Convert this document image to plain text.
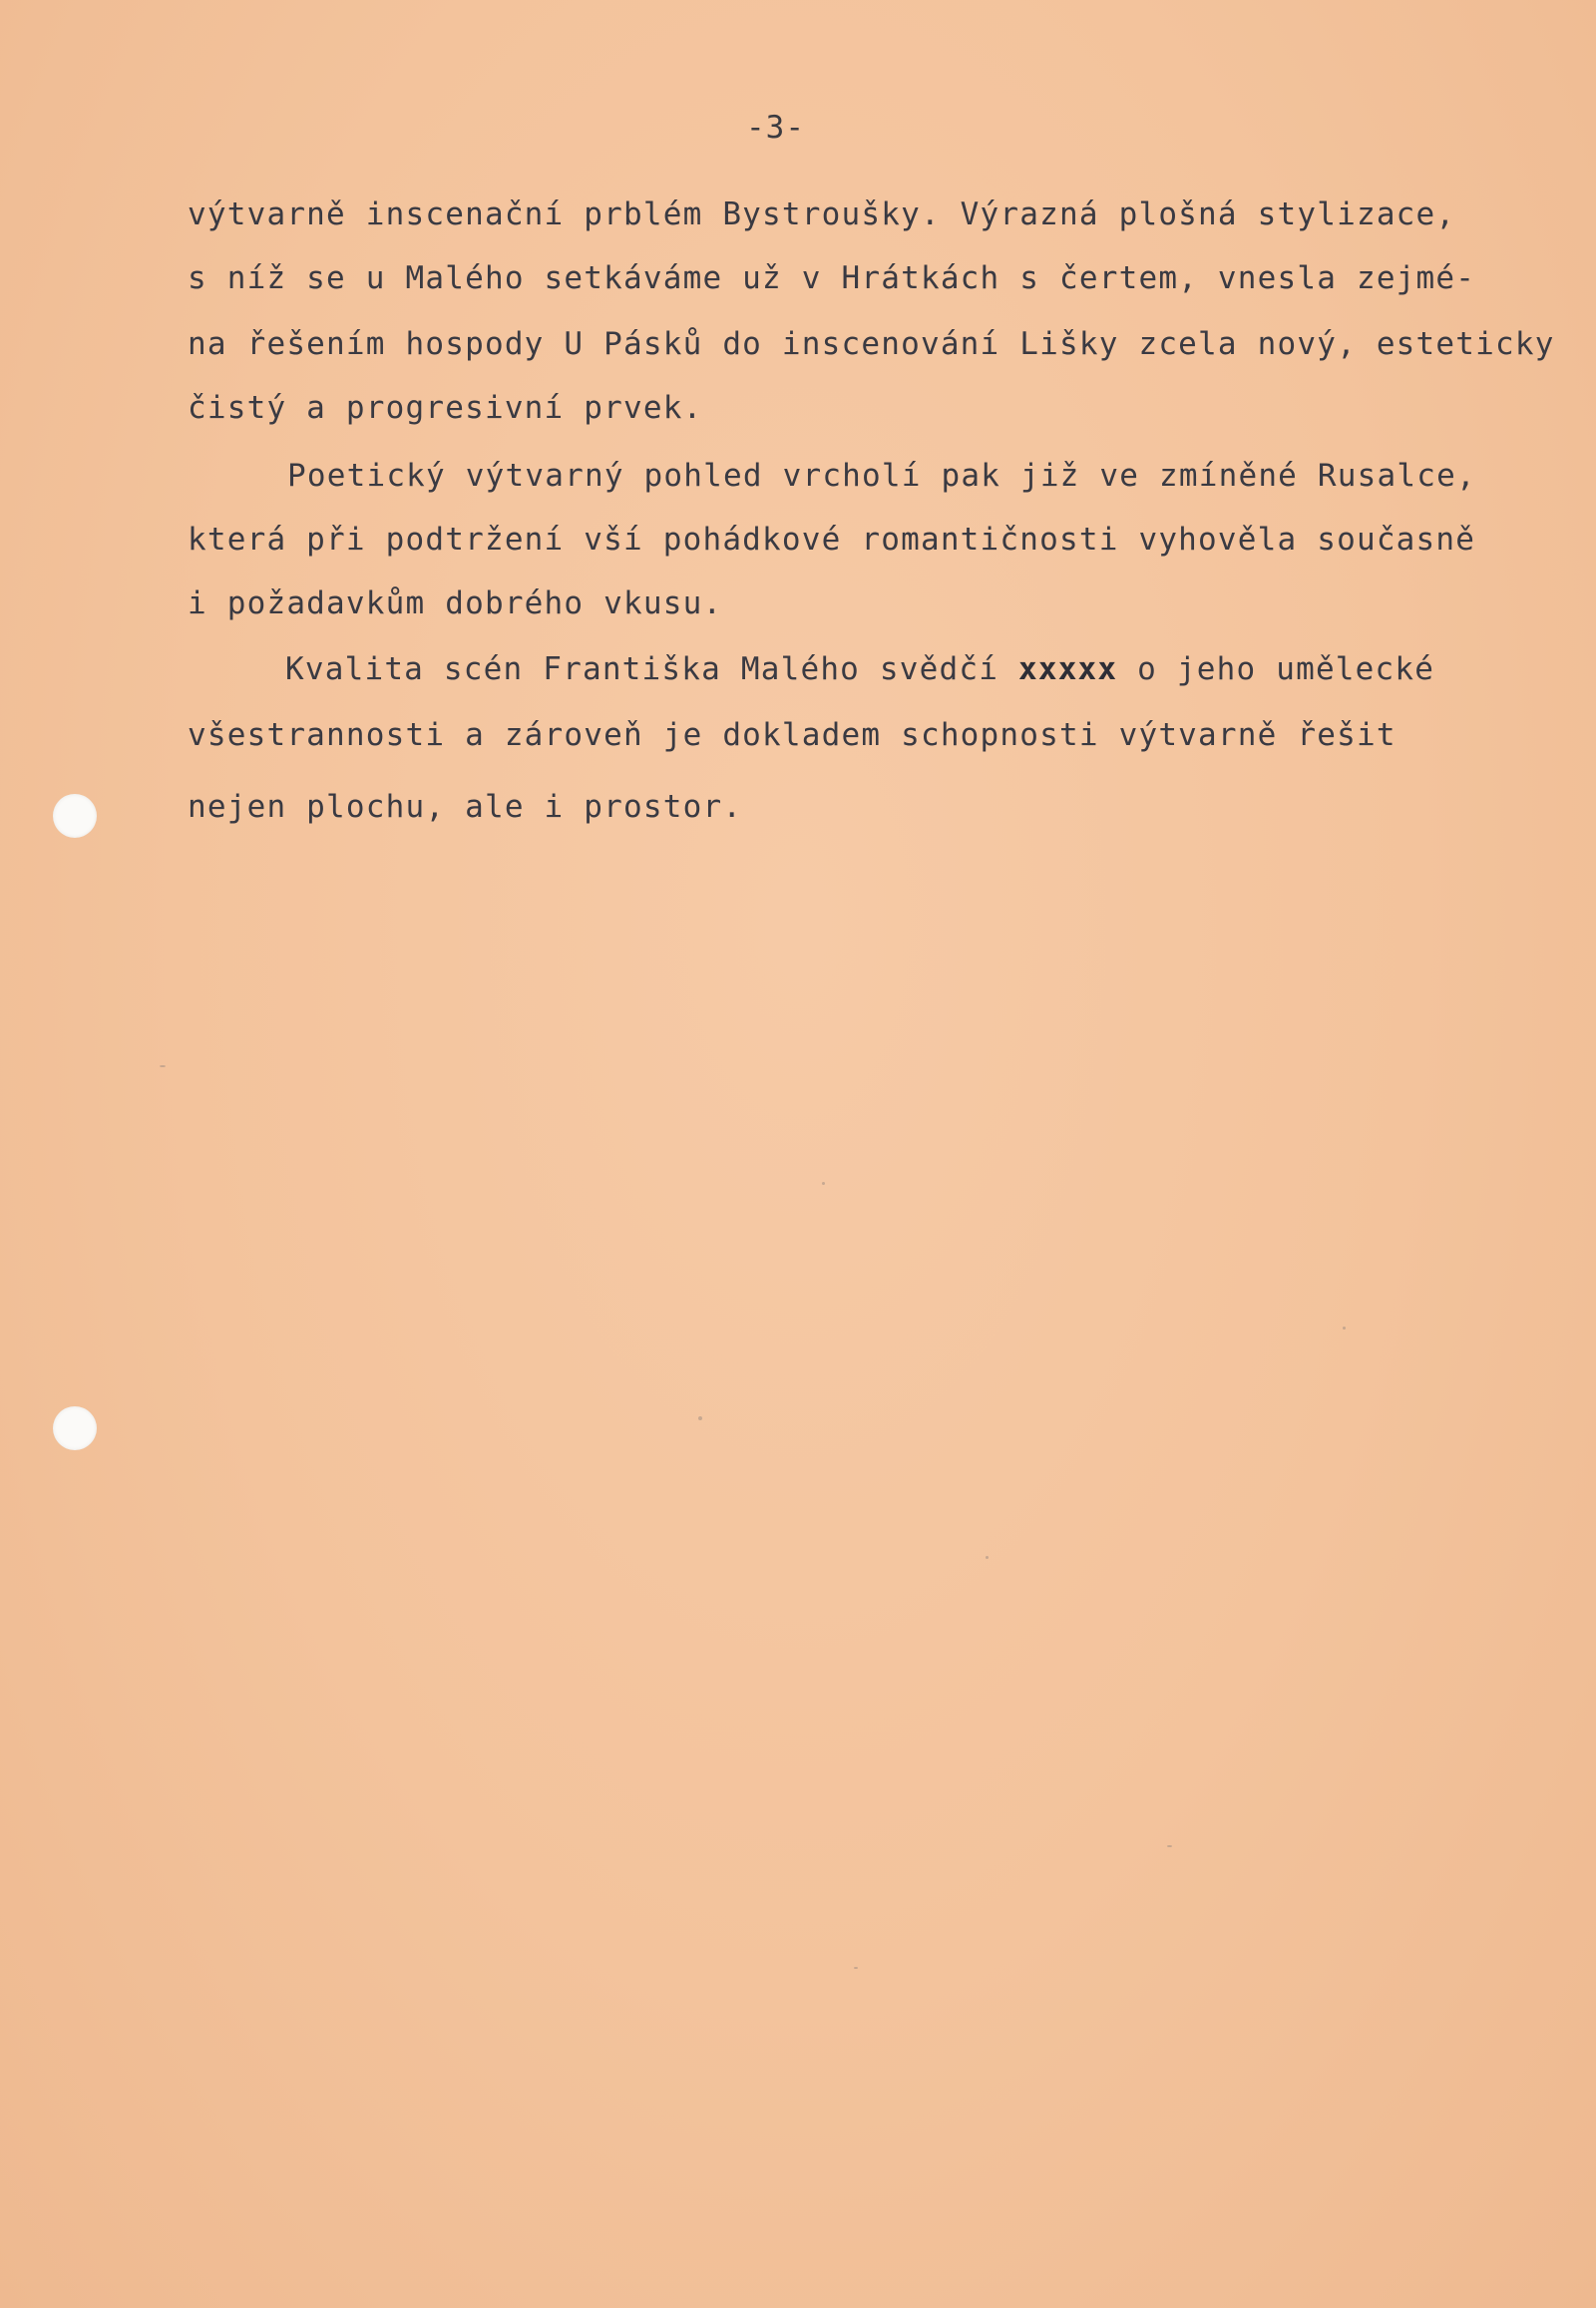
-3-
výtvarně inscenační prblém Bystroušky. Výrazná plošná stylizace,
s níž se u Malého setkáváme už v Hrátkách s čertem, vnesla zejmé-
na řešením hospody U Pásků do inscenování Lišky zcela nový, esteticky
čistý a progresivní prvek.
Poetický výtvarný pohled vrcholí pak již ve zmíněné Rusalce,
která při podtržení vší pohádkové romantičnosti vyhověla současně
i požadavkům dobrého vkusu.
Kvalita scén Františka Malého svědčí xxxxx o jeho umělecké
všestrannosti a zároveň je dokladem schopnosti výtvarně řešit
nejen plochu, ale i prostor.
